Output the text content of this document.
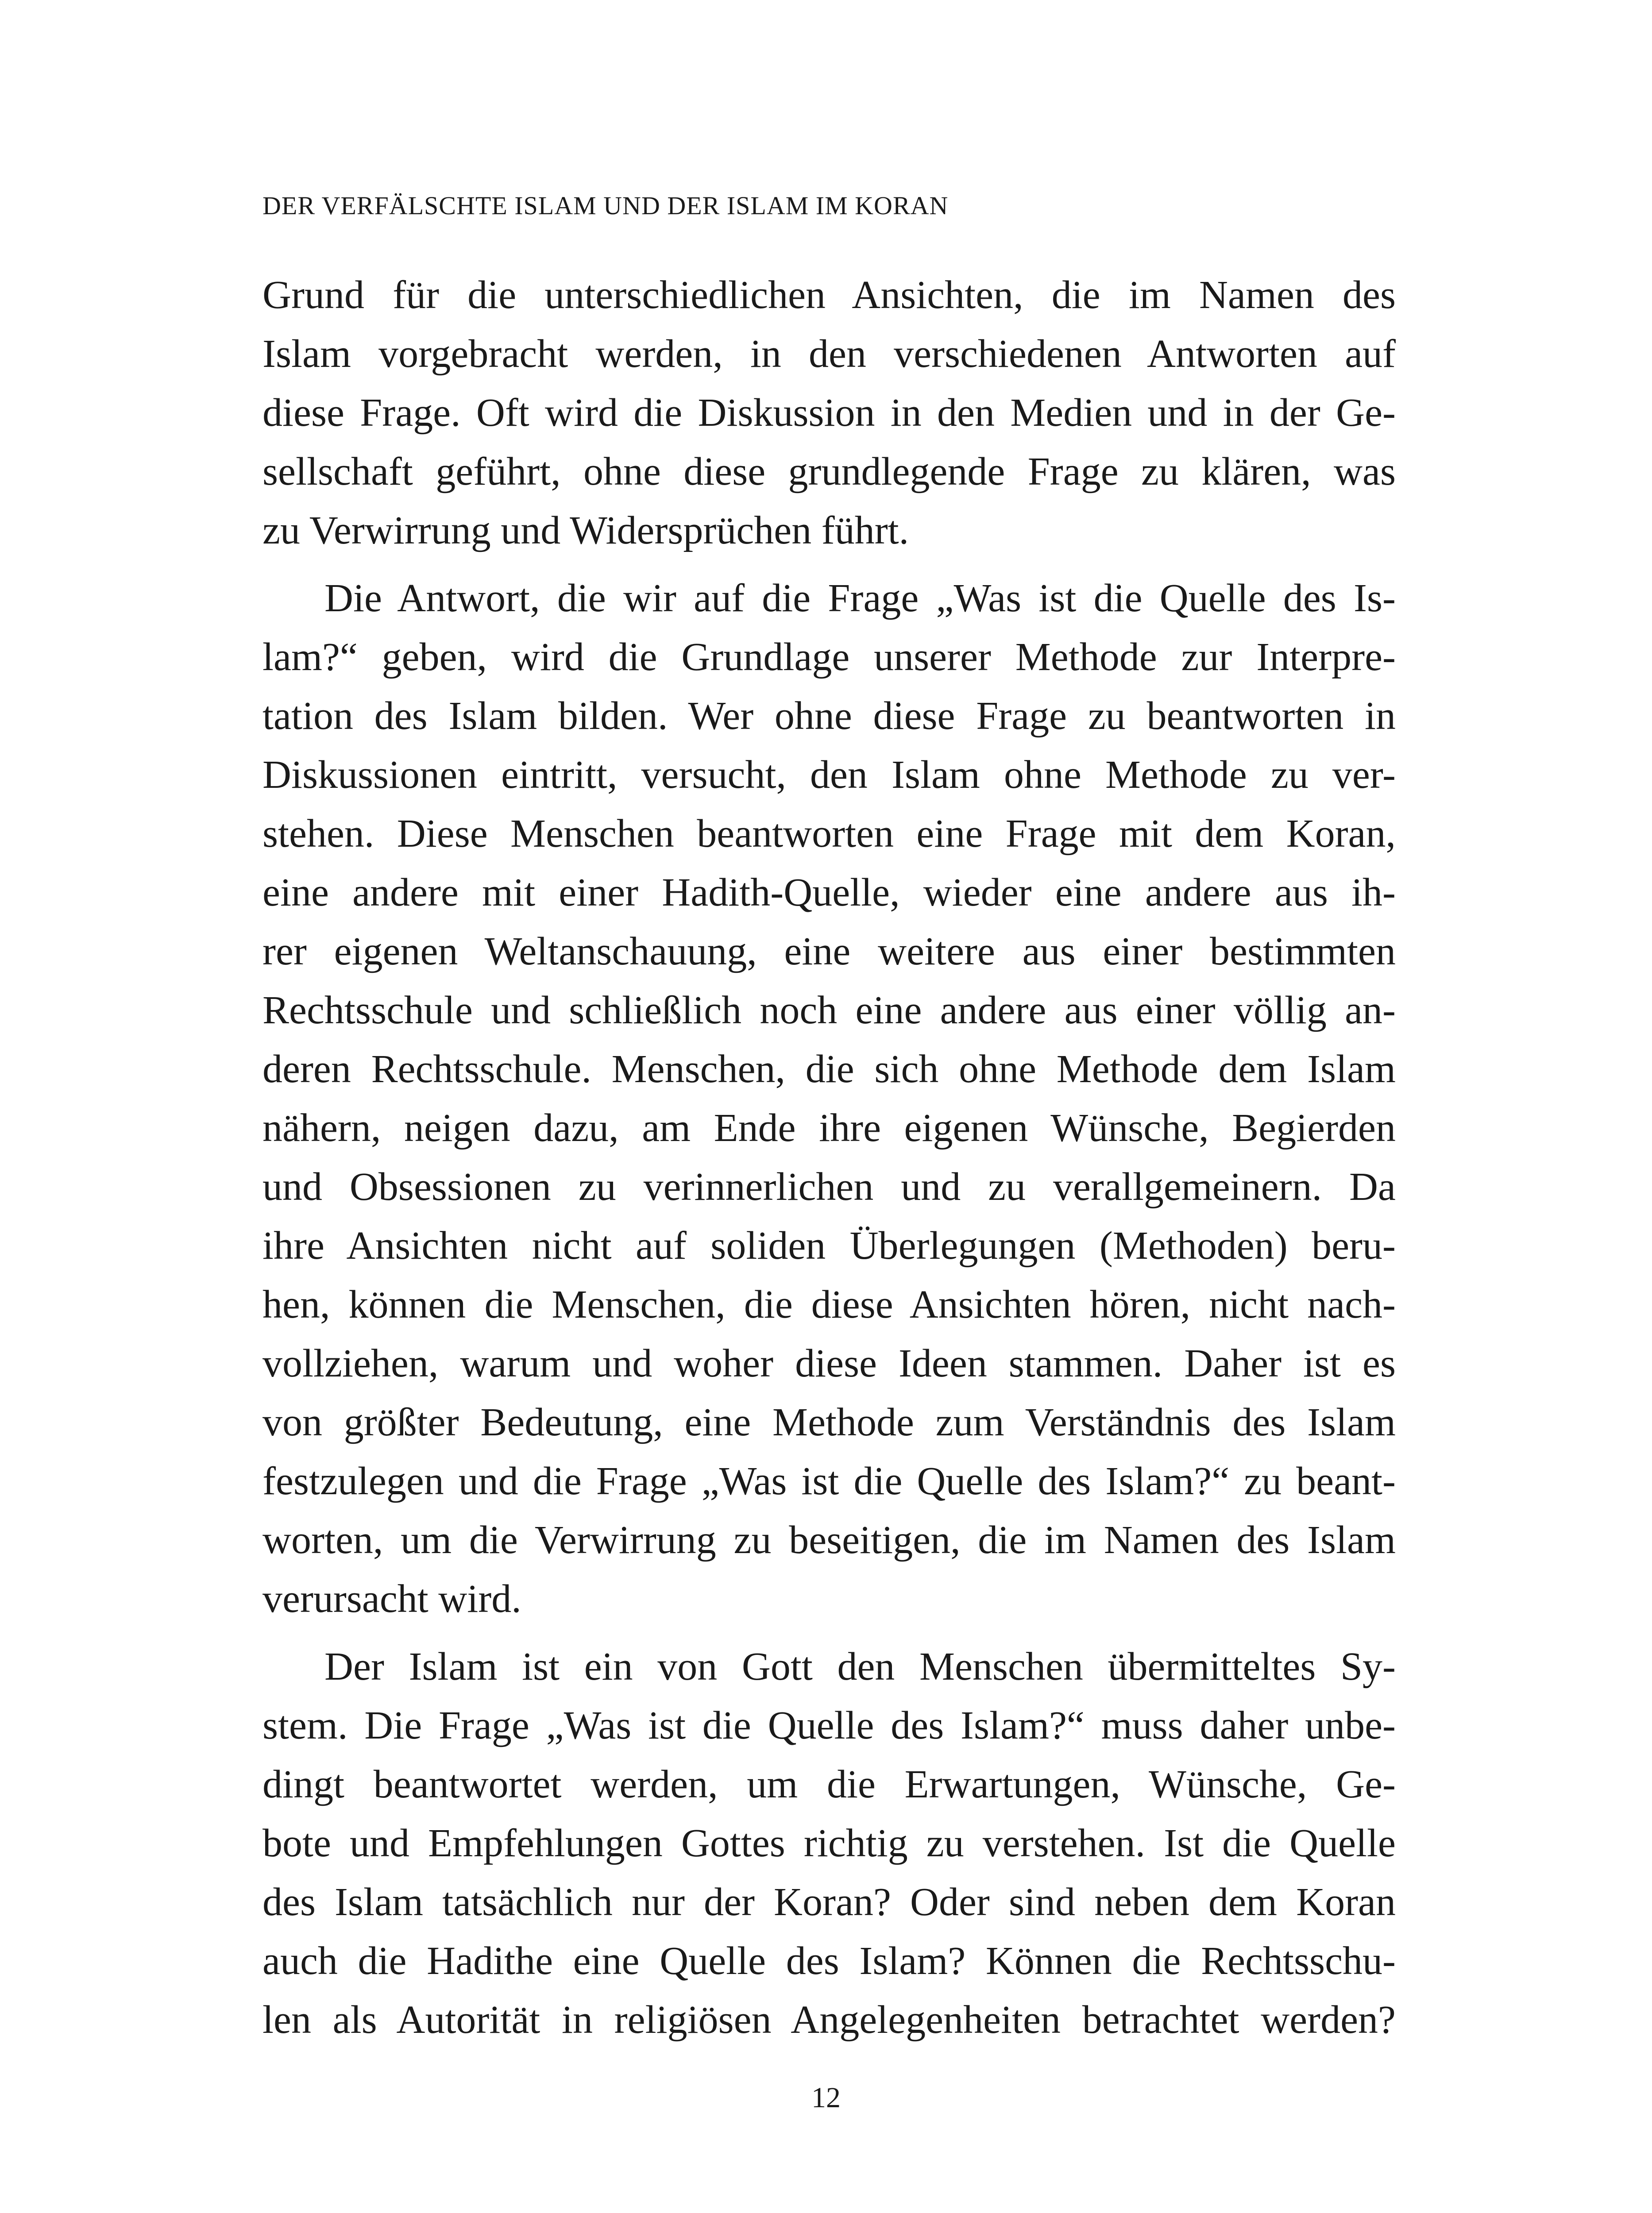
DER VERFÄLSCHTE ISLAM UND DER ISLAM IM KORAN
Grund für die unterschiedlichen Ansichten, die im Namen des
Islam vorgebracht werden, in den verschiedenen Antworten auf
diese Frage. Oft wird die Diskussion in den Medien und in der Ge-
sellschaft geführt, ohne diese grundlegende Frage zu klären, was
zu Verwirrung und Widersprüchen führt.
Die Antwort, die wir auf die Frage „Was ist die Quelle des Is-
lam?“ geben, wird die Grundlage unserer Methode zur Interpre-
tation des Islam bilden. Wer ohne diese Frage zu beantworten in
Diskussionen eintritt, versucht, den Islam ohne Methode zu ver-
stehen. Diese Menschen beantworten eine Frage mit dem Koran,
eine andere mit einer Hadith-Quelle, wieder eine andere aus ih-
rer eigenen Weltanschauung, eine weitere aus einer bestimmten
Rechtsschule und schließlich noch eine andere aus einer völlig an-
deren Rechtsschule. Menschen, die sich ohne Methode dem Islam
nähern, neigen dazu, am Ende ihre eigenen Wünsche, Begierden
und Obsessionen zu verinnerlichen und zu verallgemeinern. Da
ihre Ansichten nicht auf soliden Überlegungen (Methoden) beru-
hen, können die Menschen, die diese Ansichten hören, nicht nach-
vollziehen, warum und woher diese Ideen stammen. Daher ist es
von größter Bedeutung, eine Methode zum Verständnis des Islam
festzulegen und die Frage „Was ist die Quelle des Islam?“ zu beant-
worten, um die Verwirrung zu beseitigen, die im Namen des Islam
verursacht wird.
Der Islam ist ein von Gott den Menschen übermitteltes Sy-
stem. Die Frage „Was ist die Quelle des Islam?“ muss daher unbe-
dingt beantwortet werden, um die Erwartungen, Wünsche, Ge-
bote und Empfehlungen Gottes richtig zu verstehen. Ist die Quelle
des Islam tatsächlich nur der Koran? Oder sind neben dem Koran
auch die Hadithe eine Quelle des Islam? Können die Rechtsschu-
len als Autorität in religiösen Angelegenheiten betrachtet werden?
12
